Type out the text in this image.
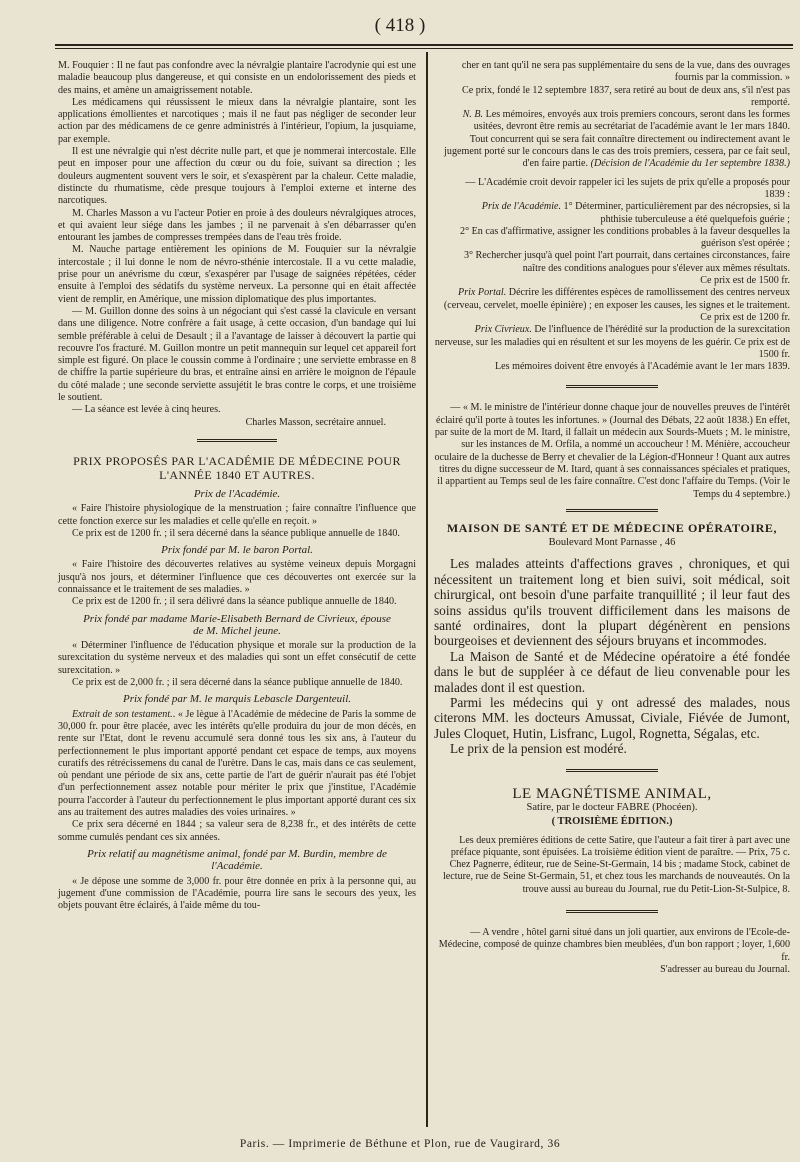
( 418 )

M. Fouquier : Il ne faut pas confondre avec la névralgie plantaire l'acrodynie qui est une maladie beaucoup plus dangereuse, et qui consiste en un endolorissement des pieds et des mains, et amène un amaigrissement notable.

Les médicamens qui réussissent le mieux dans la névralgie plantaire, sont les applications émollientes et narcotiques ; mais il ne faut pas négliger de seconder leur action par des médicamens de ce genre administrés à l'intérieur, l'opium, la jusquiame, par exemple.

Il est une névralgie qui n'est décrite nulle part, et que je nommerai intercostale. Elle peut en imposer pour une affection du cœur ou du foie, suivant sa direction ; les douleurs augmentent souvent vers le soir, et s'exaspèrent par la chaleur. Cette maladie, distincte du rhumatisme, cède presque toujours à l'emploi externe et interne des narcotiques.

M. Charles Masson a vu l'acteur Potier en proie à des douleurs névralgiques atroces, et qui avaient leur siége dans les jambes ; il ne parvenait à s'en débarrasser qu'en entourant les jambes de compresses trempées dans de l'eau très froide.

M. Nauche partage entièrement les opinions de M. Fouquier sur la névralgie intercostale ; il lui donne le nom de névro-sthénie intercostale. Il a vu cette maladie, prise pour un anévrisme du cœur, s'exaspérer par l'usage de saignées répétées, céder ensuite à l'emploi des sédatifs du système nerveux. La personne qui en était affectée vient de remplir, en Amérique, une mission diplomatique des plus importantes.

— M. Guillon donne des soins à un négociant qui s'est cassé la clavicule en versant dans une diligence. Notre confrère a fait usage, à cette occasion, d'un bandage qui lui semble préférable à celui de Desault ; il a l'avantage de laisser à découvert la partie qui recouvre l'os fracturé. M. Guillon montre un petit mannequin sur lequel cet appareil fort simple est figuré. On place le coussin comme à l'ordinaire ; une serviette embrasse en 8 de chiffre la partie supérieure du bras, et entraîne ainsi en arrière le moignon de l'épaule du côté malade ; une seconde serviette assujétit le bras contre le corps, et une troisième le soutient.

— La séance est levée à cinq heures.

Charles Masson, secrétaire annuel.

PRIX PROPOSÉS PAR L'ACADÉMIE DE MÉDECINE POUR
L'ANNÉE 1840 ET AUTRES.
Prix de l'Académie.

« Faire l'histoire physiologique de la menstruation ; faire connaître l'influence que cette fonction exerce sur les maladies et celle qu'elle en reçoit. »

Ce prix est de 1200 fr. ; il sera décerné dans la séance publique annuelle de 1840.

Prix fondé par M. le baron Portal.

« Faire l'histoire des découvertes relatives au système veineux depuis Morgagni jusqu'à nos jours, et déterminer l'influence que ces découvertes ont exercée sur la connaissance et le traitement de ses maladies. »

Ce prix est de 1200 fr. ; il sera délivré dans la séance publique annuelle de 1840.

Prix fondé par madame Marie-Elisabeth Bernard de Civrieux, épouse
de M. Michel jeune.

« Déterminer l'influence de l'éducation physique et morale sur la production de la surexcitation du système nerveux et des maladies qui sont un effet consécutif de cette surexcitation. »

Ce prix est de 2,000 fr. ; il sera décerné dans la séance publique annuelle de 1840.

Prix fondé par M. le marquis Lebascle Dargenteuil.

Extrait de son testament.. « Je lègue à l'Académie de médecine de Paris la somme de 30,000 fr. pour être placée, avec les intérêts qu'elle produira du jour de mon décès, en rente sur l'Etat, dont le revenu accumulé sera donné tous les six ans, à l'auteur du perfectionnement le plus important apporté pendant cet espace de temps, aux moyens curatifs des rétrécissemens du canal de l'urètre. Dans le cas, mais dans ce cas seulement, où pendant une période de six ans, cette partie de l'art de guérir n'aurait pas été l'objet d'un perfectionnement assez notable pour mériter le prix que j'institue, l'Académie pourra l'accorder à l'auteur du perfectionnement le plus important apporté durant ces six ans au traitement des autres maladies des voies urinaires. »

Ce prix sera décerné en 1844 ; sa valeur sera de 8,238 fr., et des intérêts de cette somme cumulés pendant ces six années.

Prix relatif au magnétisme animal, fondé par M. Burdin, membre de
l'Académie.

« Je dépose une somme de 3,000 fr. pour être donnée en prix à la personne qui, au jugement d'une commission de l'Académie, pourra lire sans le secours des yeux, les objets pouvant être éclairés, à l'aide même du tou-

cher en tant qu'il ne sera pas supplémentaire du sens de la vue, dans des ouvrages fournis par la commission. »

Ce prix, fondé le 12 septembre 1837, sera retiré au bout de deux ans, s'il n'est pas remporté.

N. B. Les mémoires, envoyés aux trois premiers concours, seront dans les formes usitées, devront être remis au secrétariat de l'académie avant le 1er mars 1840.

Tout concurrent qui se sera fait connaître directement ou indirectement avant le jugement porté sur le concours dans le cas des trois premiers, cessera, par ce fait seul, d'en faire partie. (Décision de l'Académie du 1er septembre 1838.)

— L'Académie croit devoir rappeler ici les sujets de prix qu'elle a proposés pour 1839 :

Prix de l'Académie. 1° Déterminer, particulièrement par des nécropsies, si la phthisie tuberculeuse a été quelquefois guérie ;

2° En cas d'affirmative, assigner les conditions probables à la faveur desquelles la guérison s'est opérée ;

3° Rechercher jusqu'à quel point l'art pourrait, dans certaines circonstances, faire naître des conditions analogues pour s'élever aux mêmes résultats.

Ce prix est de 1500 fr.

Prix Portal. Décrire les différentes espèces de ramollissement des centres nerveux (cerveau, cervelet, moelle épinière) ; en exposer les causes, les signes et le traitement. Ce prix est de 1200 fr.

Prix Civrieux. De l'influence de l'hérédité sur la production de la surexcitation nerveuse, sur les maladies qui en résultent et sur les moyens de les guérir. Ce prix est de 1500 fr.

Les mémoires doivent être envoyés à l'Académie avant le 1er mars 1839.

— « M. le ministre de l'intérieur donne chaque jour de nouvelles preuves de l'intérêt éclairé qu'il porte à toutes les infortunes. » (Journal des Débats, 22 août 1838.) En effet, par suite de la mort de M. Itard, il fallait un médecin aux Sourds-Muets ; M. le ministre, sur les instances de M. Orfila, a nommé un accoucheur ! M. Ménière, accoucheur oculaire de la duchesse de Berry et chevalier de la Légion-d'Honneur ! Quant aux autres titres du digne successeur de M. Itard, quant à ses connaissances spéciales et pratiques, il appartient au Temps seul de les faire connaître. C'est donc l'affaire du Temps. (Voir le Temps du 4 septembre.)

MAISON DE SANTÉ ET DE MÉDECINE OPÉRATOIRE,
Boulevard Mont Parnasse , 46

Les malades atteints d'affections graves , chroniques, et qui nécessitent un traitement long et bien suivi, soit médical, soit chirurgical, ont besoin d'une parfaite tranquillité ; il leur faut des soins assidus qu'ils trouvent difficilement dans les maisons de santé ordinaires, dont la plupart dégénèrent en pensions bourgeoises et deviennent des séjours bruyans et incommodes.

La Maison de Santé et de Médecine opératoire a été fondée dans le but de suppléer à ce défaut de lieu convenable pour les malades dont il est question.

Parmi les médecins qui y ont adressé des malades, nous citerons MM. les docteurs Amussat, Civiale, Fiévée de Jumont, Jules Cloquet, Hutin, Lisfranc, Lugol, Rognetta, Ségalas, etc.

Le prix de la pension est modéré.

LE MAGNÉTISME ANIMAL,
Satire, par le docteur FABRE (Phocéen).
( TROISIÈME ÉDITION.)

Les deux premières éditions de cette Satire, que l'auteur a fait tirer à part avec une préface piquante, sont épuisées. La troisième édition vient de paraître. — Prix, 75 c.

Chez Pagnerre, éditeur, rue de Seine-St-Germain, 14 bis ; madame Stock, cabinet de lecture, rue de Seine St-Germain, 51, et chez tous les marchands de nouveautés. On la trouve aussi au bureau du Journal, rue du Petit-Lion-St-Sulpice, 8.

— A vendre , hôtel garni situé dans un joli quartier, aux environs de l'Ecole-de-Médecine, composé de quinze chambres bien meublées, d'un bon rapport ; loyer, 1,600 fr.

S'adresser au bureau du Journal.

Paris. — Imprimerie de Béthune et Plon, rue de Vaugirard, 36
